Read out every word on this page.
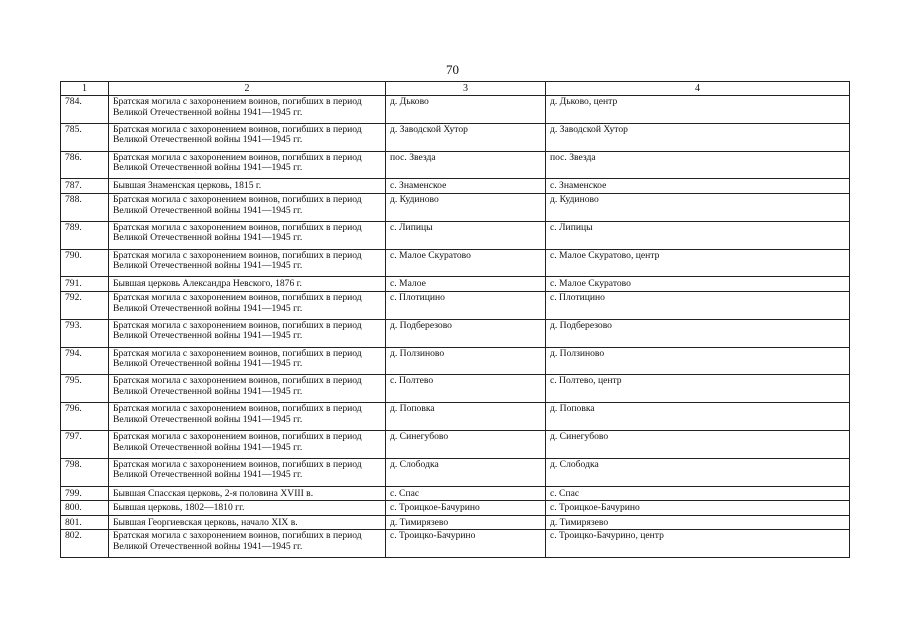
70
1	2	3	4
784.	Братская могила с захоронением воинов, погибших в период Великой Отечественной войны 1941—1945 гг.	д. Дьково	д. Дьково, центр
785.	Братская могила с захоронением воинов, погибших в период Великой Отечественной войны 1941—1945 гг.	д. Заводской Хутор	д. Заводской Хутор
786.	Братская могила с захоронением воинов, погибших в период Великой Отечественной войны 1941—1945 гг.	пос. Звезда	пос. Звезда
787.	Бывшая Знаменская церковь, 1815 г.	с. Знаменское	с. Знаменское
788.	Братская могила с захоронением воинов, погибших в период Великой Отечественной войны 1941—1945 гг.	д. Кудиново	д. Кудиново
789.	Братская могила с захоронением воинов, погибших в период Великой Отечественной войны 1941—1945 гг.	с. Липицы	с. Липицы
790.	Братская могила с захоронением воинов, погибших в период Великой Отечественной войны 1941—1945 гг.	с. Малое Скуратово	с. Малое Скуратово, центр
791.	Бывшая церковь Александра Невского, 1876 г.	с. Малое	с. Малое Скуратово
792.	Братская могила с захоронением воинов, погибших в период Великой Отечественной войны 1941—1945 гг.	с. Плотицино	с. Плотицино
793.	Братская могила с захоронением воинов, погибших в период Великой Отечественной войны 1941—1945 гг.	д. Подберезово	д. Подберезово
794.	Братская могила с захоронением воинов, погибших в период Великой Отечественной войны 1941—1945 гг.	д. Ползиново	д. Ползиново
795.	Братская могила с захоронением воинов, погибших в период Великой Отечественной войны 1941—1945 гг.	с. Полтево	с. Полтево, центр
796.	Братская могила с захоронением воинов, погибших в период Великой Отечественной войны 1941—1945 гг.	д. Поповка	д. Поповка
797.	Братская могила с захоронением воинов, погибших в период Великой Отечественной войны 1941—1945 гг.	д. Синегубово	д. Синегубово
798.	Братская могила с захоронением воинов, погибших в период Великой Отечественной войны 1941—1945 гг.	д. Слободка	д. Слободка
799.	Бывшая Спасская церковь, 2-я половина XVIII в.	с. Спас	с. Спас
800.	Бывшая церковь, 1802—1810 гг.	с. Троицкое-Бачурино	с. Троицкое-Бачурино
801.	Бывшая Георгиевская церковь, начало XIX в.	д. Тимирязево	д. Тимирязево
802.	Братская могила с захоронением воинов, погибших в период Великой Отечественной войны 1941—1945 гг.	с. Троицко-Бачурино	с. Троицко-Бачурино, центр
